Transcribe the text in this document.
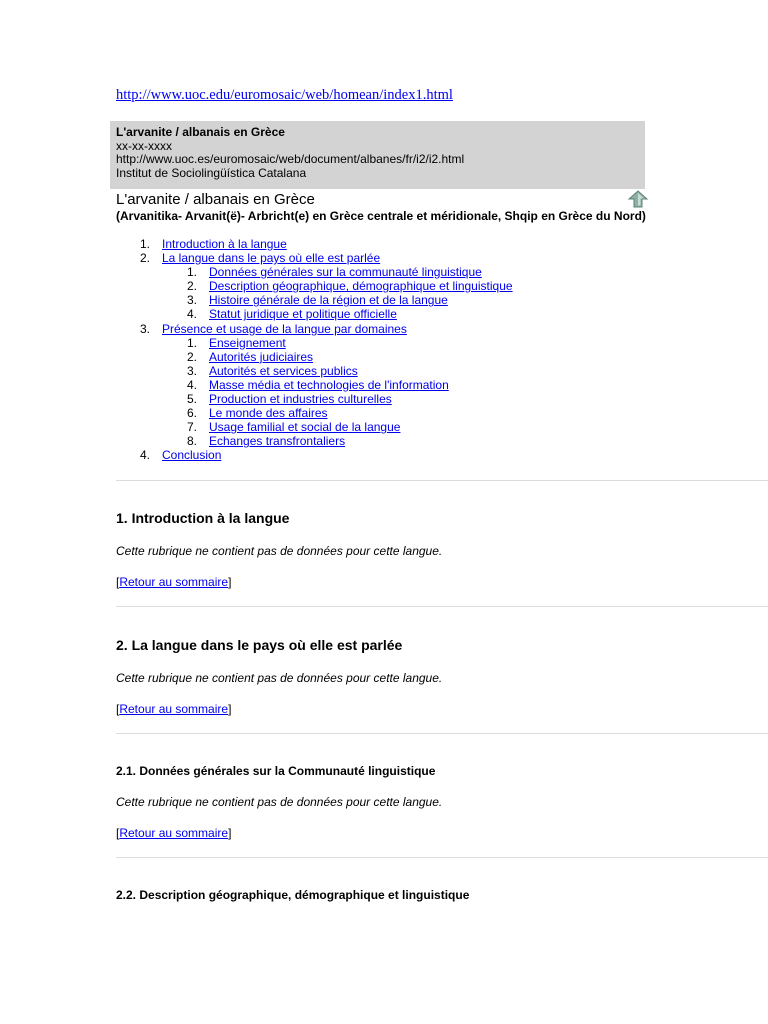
http://www.uoc.edu/euromosaic/web/homean/index1.html
L'arvanite / albanais en Grèce
xx-xx-xxxx
http://www.uoc.es/euromosaic/web/document/albanes/fr/i2/i2.html
Institut de Sociolingüística Catalana
L'arvanite / albanais en Grèce
(Arvanitika- Arvanit(ë)- Arbricht(e) en Grèce centrale et méridionale, Shqip en Grèce du Nord)
1. Introduction à la langue
2. La langue dans le pays où elle est parlée
1. Données générales sur la communauté linguistique
2. Description géographique, démographique et linguistique
3. Histoire générale de la région et de la langue
4. Statut juridique et politique officielle
3. Présence et usage de la langue par domaines
1. Enseignement
2. Autorités judiciaires
3. Autorités et services publics
4. Masse média et technologies de l'information
5. Production et industries culturelles
6. Le monde des affaires
7. Usage familial et social de la langue
8. Echanges transfrontaliers
4. Conclusion
1. Introduction à la langue
Cette rubrique ne contient pas de données pour cette langue.
[Retour au sommaire]
2. La langue dans le pays où elle est parlée
Cette rubrique ne contient pas de données pour cette langue.
[Retour au sommaire]
2.1. Données générales sur la Communauté linguistique
Cette rubrique ne contient pas de données pour cette langue.
[Retour au sommaire]
2.2. Description géographique, démographique et linguistique
